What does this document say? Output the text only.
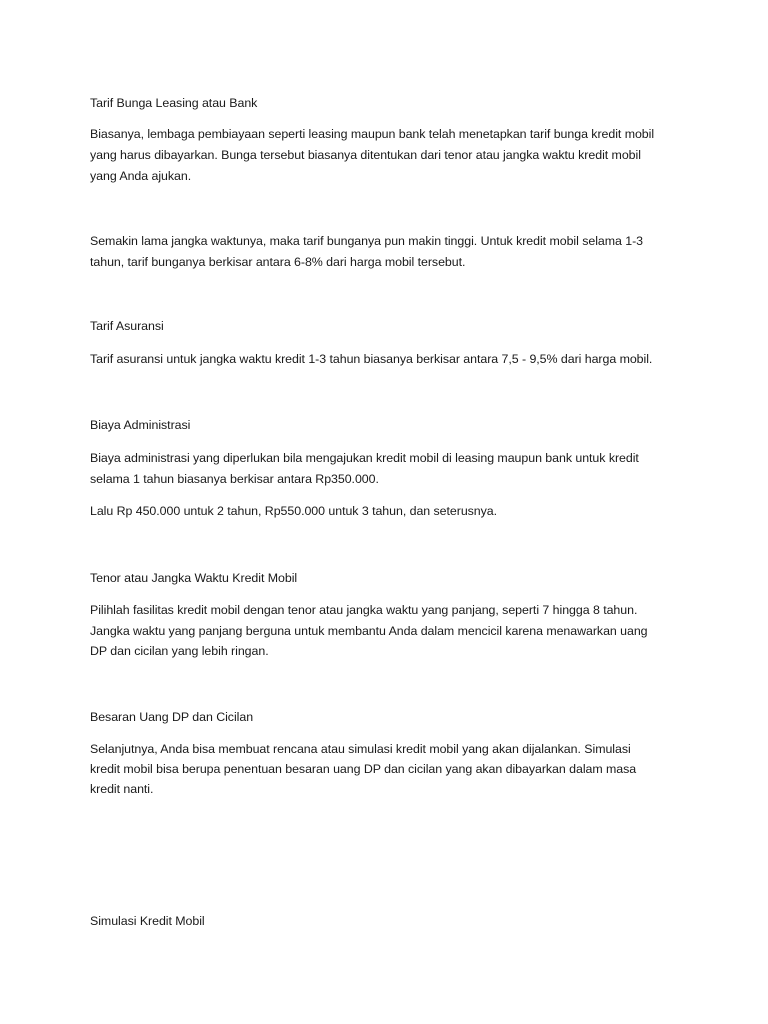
Tarif Bunga Leasing atau Bank

Biasanya, lembaga pembiayaan seperti leasing maupun bank telah menetapkan tarif bunga kredit mobil

yang harus dibayarkan. Bunga tersebut biasanya ditentukan dari tenor atau jangka waktu kredit mobil

yang Anda ajukan.

Semakin lama jangka waktunya, maka tarif bunganya pun makin tinggi. Untuk kredit mobil selama 1-3

tahun, tarif bunganya berkisar antara 6-8% dari harga mobil tersebut.

Tarif Asuransi

Tarif asuransi untuk jangka waktu kredit 1-3 tahun biasanya berkisar antara 7,5 - 9,5% dari harga mobil.

Biaya Administrasi

Biaya administrasi yang diperlukan bila mengajukan kredit mobil di leasing maupun bank untuk kredit

selama 1 tahun biasanya berkisar antara Rp350.000.

Lalu Rp 450.000 untuk 2 tahun, Rp550.000 untuk 3 tahun, dan seterusnya.

Tenor atau Jangka Waktu Kredit Mobil

Pilihlah fasilitas kredit mobil dengan tenor atau jangka waktu yang panjang, seperti 7 hingga 8 tahun.

Jangka waktu yang panjang berguna untuk membantu Anda dalam mencicil karena menawarkan uang

DP dan cicilan yang lebih ringan.

Besaran Uang DP dan Cicilan

Selanjutnya, Anda bisa membuat rencana atau simulasi kredit mobil yang akan dijalankan. Simulasi

kredit mobil bisa berupa penentuan besaran uang DP dan cicilan yang akan dibayarkan dalam masa

kredit nanti.

Simulasi Kredit Mobil
